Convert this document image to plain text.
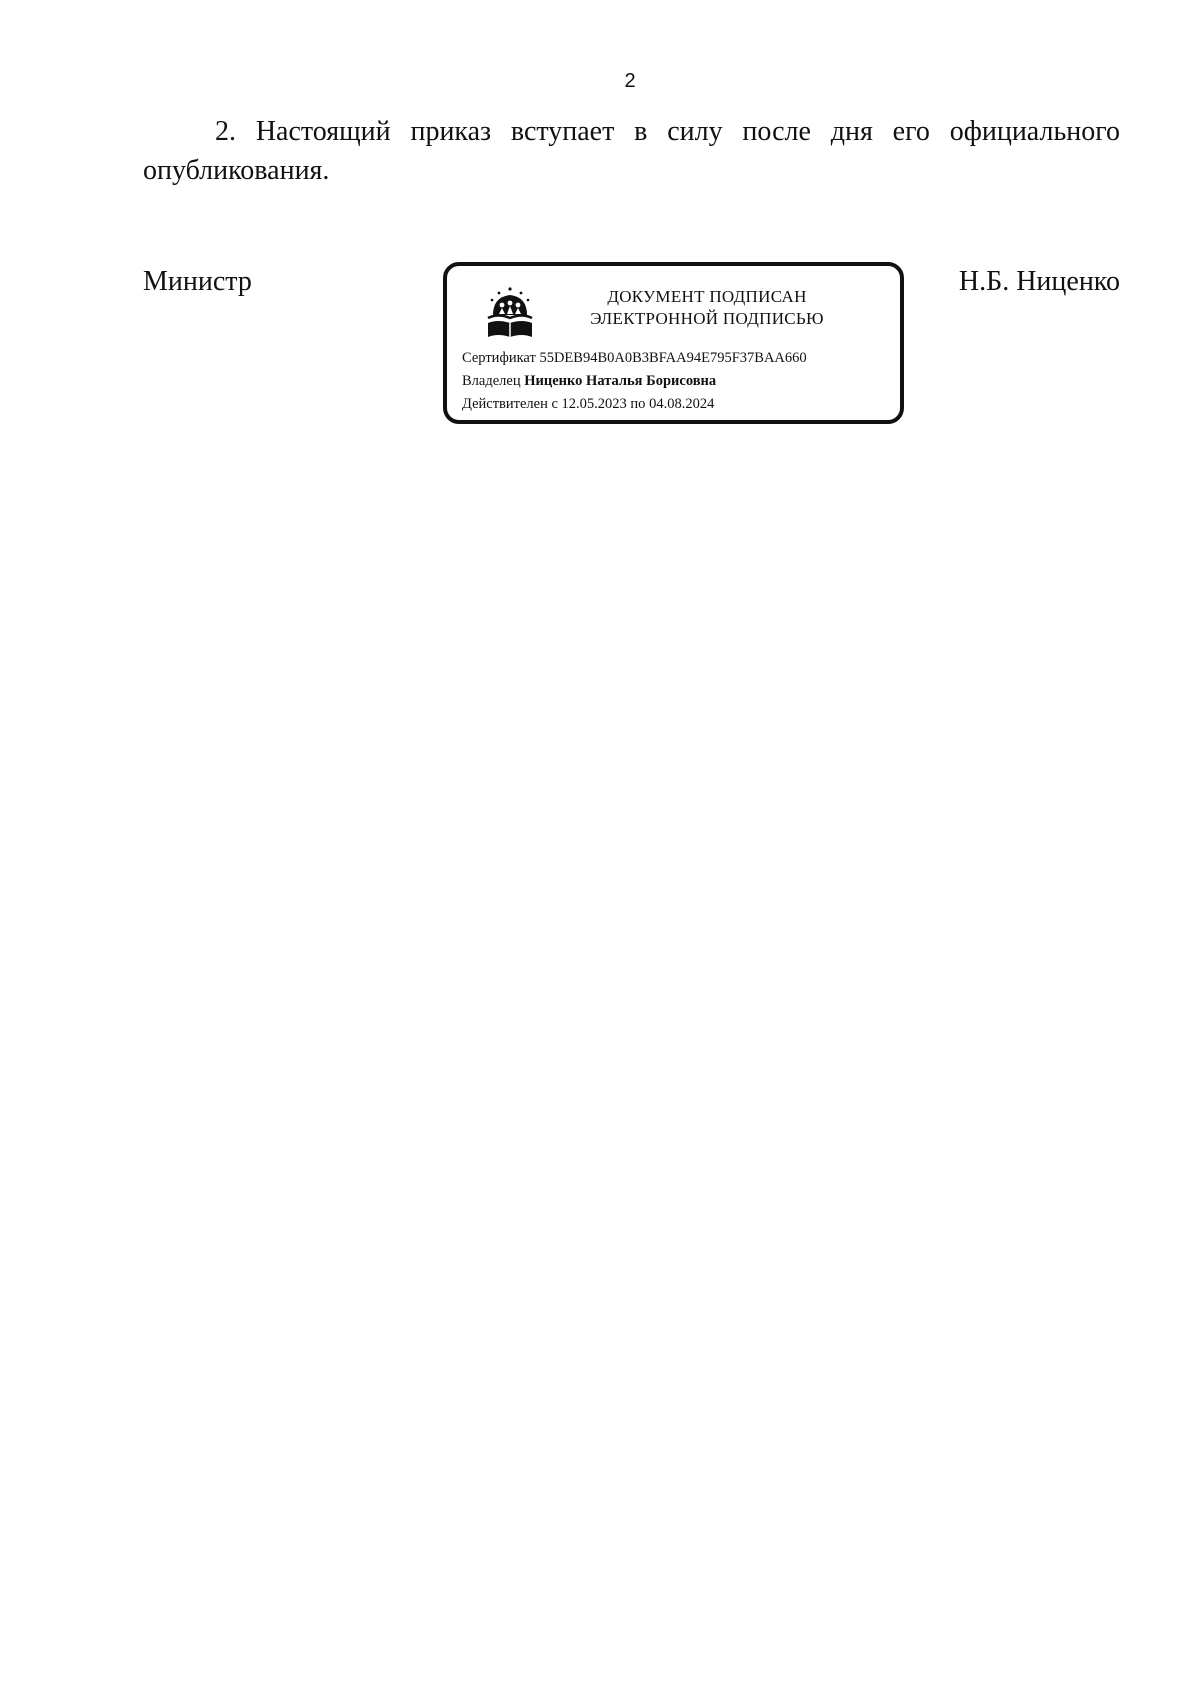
2
2. Настоящий приказ вступает в силу после дня его официального
опубликования.
Министр	ДОКУМЕНТ ПОДПИСАН
ЭЛЕКТРОННОЙ ПОДПИСЬЮ
Сертификат 55DEB94B0A0B3BFAA94E795F37BAA660
Владелец Ниценко Наталья Борисовна
Действителен с 12.05.2023 по 04.08.2024
Н.Б. Ниценко
